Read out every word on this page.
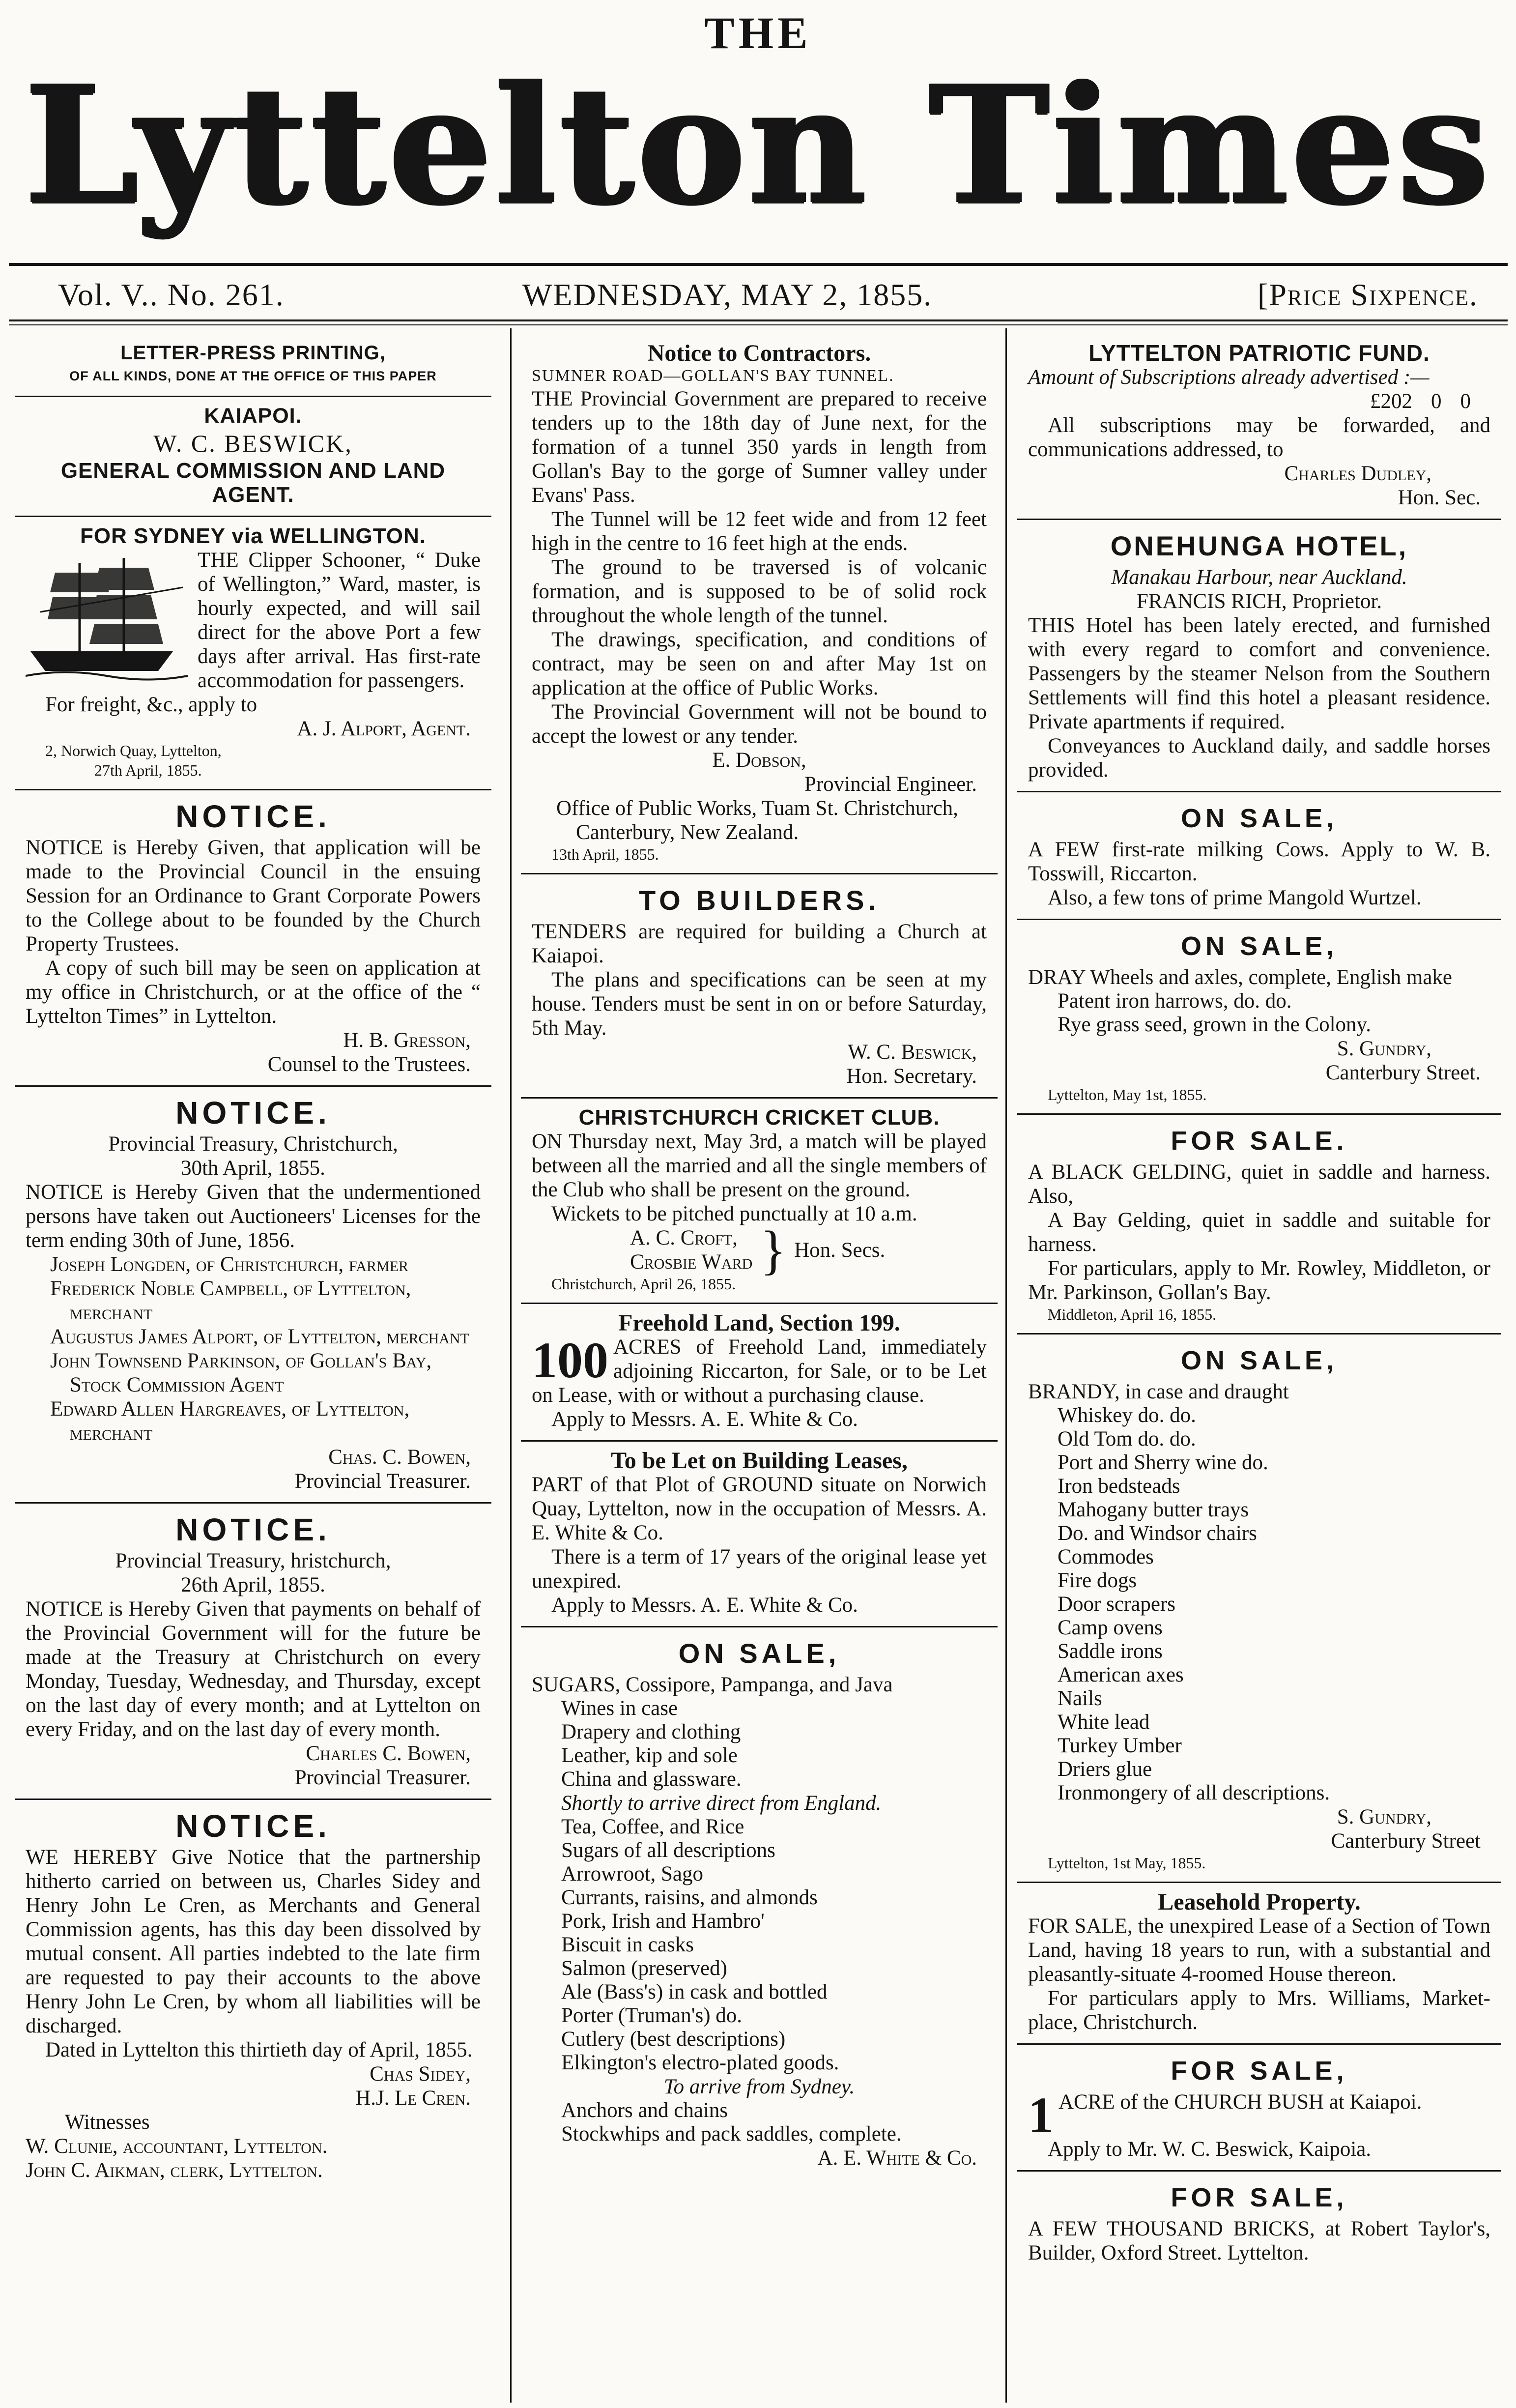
THE
Lyttelton Times
Vol. V.. No. 261.	WEDNESDAY, MAY 2, 1855.	[Price Sixpence.

LETTER-PRESS PRINTING,

OF ALL KINDS, DONE AT THE OFFICE OF THIS PAPER

KAIAPOI.

W. C. BESWICK,

GENERAL COMMISSION AND LAND AGENT.

FOR SYDNEY via WELLINGTON.

THE Clipper Schooner, “ Duke of Wellington,” Ward, master, is hourly expected, and will sail direct for the above Port a few days after arrival. Has first-rate accommodation for passengers.

For freight, &c., apply to

A. J. Alport, Agent.

2, Norwich Quay, Lyttelton,

27th April, 1855.

NOTICE.

NOTICE is Hereby Given, that application will be made to the Provincial Council in the ensuing Session for an Ordinance to Grant Corporate Powers to the College about to be founded by the Church Property Trustees.

A copy of such bill may be seen on application at my office in Christchurch, or at the office of the “ Lyttelton Times” in Lyttelton.

H. B. Gresson,

Counsel to the Trustees.

NOTICE.

Provincial Treasury, Christchurch,

30th April, 1855.

NOTICE is Hereby Given that the undermentioned persons have taken out Auctioneers' Licenses for the term ending 30th of June, 1856.

Joseph Longden, of Christchurch, farmer

Frederick Noble Campbell, of Lyttelton, merchant

Augustus James Alport, of Lyttelton, merchant

John Townsend Parkinson, of Gollan's Bay, Stock Commission Agent

Edward Allen Hargreaves, of Lyttelton, merchant

Chas. C. Bowen,

Provincial Treasurer.

NOTICE.

Provincial Treasury, hristchurch,

26th April, 1855.

NOTICE is Hereby Given that payments on behalf of the Provincial Government will for the future be made at the Treasury at Christchurch on every Monday, Tuesday, Wednesday, and Thursday, except on the last day of every month; and at Lyttelton on every Friday, and on the last day of every month.

Charles C. Bowen,

Provincial Treasurer.

NOTICE.

WE HEREBY Give Notice that the partnership hitherto carried on between us, Charles Sidey and Henry John Le Cren, as Merchants and General Commission agents, has this day been dissolved by mutual consent. All parties indebted to the late firm are requested to pay their accounts to the above Henry John Le Cren, by whom all liabilities will be discharged.

Dated in Lyttelton this thirtieth day of April, 1855.

Chas Sidey,

H.J. Le Cren.

Witnesses

W. Clunie, accountant, Lyttelton.

John C. Aikman, clerk, Lyttelton.

Notice to Contractors.

SUMNER ROAD—GOLLAN'S BAY TUNNEL.

THE Provincial Government are prepared to receive tenders up to the 18th day of June next, for the formation of a tunnel 350 yards in length from Gollan's Bay to the gorge of Sumner valley under Evans' Pass.

The Tunnel will be 12 feet wide and from 12 feet high in the centre to 16 feet high at the ends.

The ground to be traversed is of volcanic formation, and is supposed to be of solid rock throughout the whole length of the tunnel.

The drawings, specification, and conditions of contract, may be seen on and after May 1st on application at the office of Public Works.

The Provincial Government will not be bound to accept the lowest or any tender.

E. Dobson,

Provincial Engineer.

Office of Public Works, Tuam St. Christchurch, Canterbury, New Zealand.

13th April, 1855.

TO BUILDERS.

TENDERS are required for building a Church at Kaiapoi.

The plans and specifications can be seen at my house. Tenders must be sent in on or before Saturday, 5th May.

W. C. Beswick,

Hon. Secretary.

CHRISTCHURCH CRICKET CLUB.

ON Thursday next, May 3rd, a match will be played between all the married and all the single members of the Club who shall be present on the ground.

Wickets to be pitched punctually at 10 a.m.

A. C. Croft,
Crosbie Ward } Hon. Secs.

Christchurch, April 26, 1855.

Freehold Land, Section 199.

100 ACRES of Freehold Land, immediately adjoining Riccarton, for Sale, or to be Let on Lease, with or without a purchasing clause.

Apply to Messrs. A. E. White & Co.

To be Let on Building Leases,

PART of that Plot of GROUND situate on Norwich Quay, Lyttelton, now in the occupation of Messrs. A. E. White & Co.

There is a term of 17 years of the original lease yet unexpired.

Apply to Messrs. A. E. White & Co.

ON SALE,

SUGARS, Cossipore, Pampanga, and Java

Wines in case
Drapery and clothing
Leather, kip and sole
China and glassware.

Shortly to arrive direct from England.

Tea, Coffee, and Rice
Sugars of all descriptions
Arrowroot, Sago
Currants, raisins, and almonds
Pork, Irish and Hambro'
Biscuit in casks
Salmon (preserved)
Ale (Bass's) in cask and bottled
Porter (Truman's) do.
Cutlery (best descriptions)
Elkington's electro-plated goods.

To arrive from Sydney.

Anchors and chains
Stockwhips and pack saddles, complete.

A. E. White & Co.

LYTTELTON PATRIOTIC FUND.

Amount of Subscriptions already advertised :—

£202 0 0

All subscriptions may be forwarded, and communications addressed, to

Charles Dudley,

Hon. Sec.

ONEHUNGA HOTEL,

Manakau Harbour, near Auckland.

FRANCIS RICH, Proprietor.

THIS Hotel has been lately erected, and furnished with every regard to comfort and convenience. Passengers by the steamer Nelson from the Southern Settlements will find this hotel a pleasant residence. Private apartments if required.

Conveyances to Auckland daily, and saddle horses provided.

ON SALE,

A FEW first-rate milking Cows. Apply to W. B. Tosswill, Riccarton.

Also, a few tons of prime Mangold Wurtzel.

ON SALE,

DRAY Wheels and axles, complete, English make

Patent iron harrows, do. do.
Rye grass seed, grown in the Colony.

S. Gundry,

Canterbury Street.

Lyttelton, May 1st, 1855.

FOR SALE.

A BLACK GELDING, quiet in saddle and harness. Also,

A Bay Gelding, quiet in saddle and suitable for harness.

For particulars, apply to Mr. Rowley, Middleton, or Mr. Parkinson, Gollan's Bay.

Middleton, April 16, 1855.

ON SALE,

BRANDY, in case and draught

Whiskey do. do.
Old Tom do. do.
Port and Sherry wine do.
Iron bedsteads
Mahogany butter trays
Do. and Windsor chairs
Commodes
Fire dogs
Door scrapers
Camp ovens
Saddle irons
American axes
Nails
White lead
Turkey Umber
Driers glue
Ironmongery of all descriptions.

S. Gundry,

Canterbury Street

Lyttelton, 1st May, 1855.

Leasehold Property.

FOR SALE, the unexpired Lease of a Section of Town Land, having 18 years to run, with a substantial and pleasantly-situate 4-roomed House thereon.

For particulars apply to Mrs. Williams, Market-place, Christchurch.

FOR SALE,

1 ACRE of the CHURCH BUSH at Kaiapoi.

Apply to Mr. W. C. Beswick, Kaipoia.

FOR SALE,

A FEW THOUSAND BRICKS, at Robert Taylor's, Builder, Oxford Street. Lyttelton.
